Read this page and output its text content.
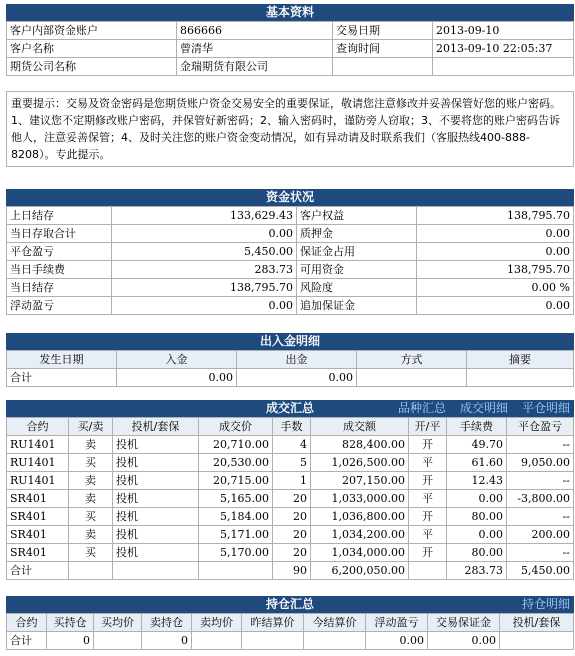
基本资料
客户内部资金账户	866666	交易日期	2013-09-10
客户名称	曾清华	查询时间	2013-09-10 22:05:37
期货公司名称	金瑞期货有限公司		
重要提示：交易及资金密码是您期货账户资金交易安全的重要保证，敬请您注意修改并妥善保管好您的账户密码。1、建议您不定期修改账户密码，并保管好新密码；2、输入密码时，谨防旁人窃取；3、不要将您的账户密码告诉他人，注意妥善保管；4、及时关注您的账户资金变动情况，如有异动请及时联系我们（客服热线400-888-8208）。专此提示。
资金状况
上日结存	133,629.43	客户权益	138,795.70
当日存取合计	0.00	质押金	0.00
平仓盈亏	5,450.00	保证金占用	0.00
当日手续费	283.73	可用资金	138,795.70
当日结存	138,795.70	风险度	0.00 %
浮动盈亏	0.00	追加保证金	0.00
出入金明细
发生日期	入金	出金	方式	摘要
合计	0.00	0.00		
成交汇总	品种汇总 成交明细 平仓明细
合约	买/卖	投机/套保	成交价	手数	成交额	开/平	手续费	平仓盈亏
RU1401	卖	投机	20,710.00	4	828,400.00	开	49.70	--
RU1401	买	投机	20,530.00	5	1,026,500.00	平	61.60	9,050.00
RU1401	卖	投机	20,715.00	1	207,150.00	开	12.43	--
SR401	卖	投机	5,165.00	20	1,033,000.00	平	0.00	-3,800.00
SR401	买	投机	5,184.00	20	1,036,800.00	开	80.00	--
SR401	卖	投机	5,171.00	20	1,034,200.00	平	0.00	200.00
SR401	买	投机	5,170.00	20	1,034,000.00	开	80.00	--
合计				90	6,200,050.00		283.73	5,450.00
持仓汇总	持仓明细
合约	买持仓	买均价	卖持仓	卖均价	昨结算价	今结算价	浮动盈亏	交易保证金	投机/套保
合计	0		0				0.00	0.00	
